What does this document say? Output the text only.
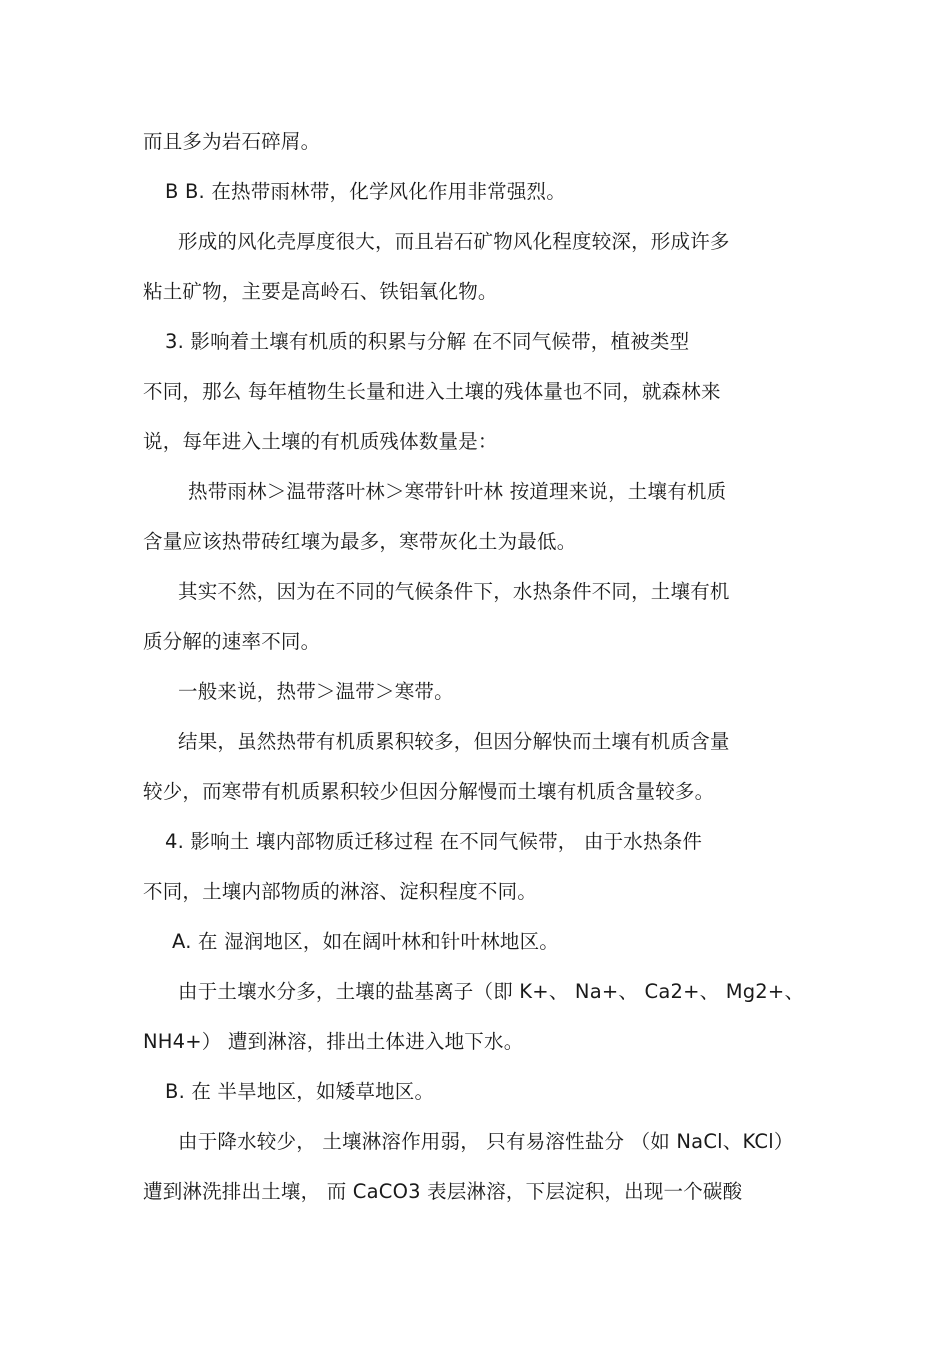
而且多为岩石碎屑。
B B. 在热带雨林带，化学风化作用非常强烈。
形成的风化壳厚度很大，而且岩石矿物风化程度较深，形成许多
粘土矿物，主要是高岭石、铁铝氧化物。
3. 影响着土壤有机质的积累与分解 在不同气候带，植被类型
不同，那么 每年植物生长量和进入土壤的残体量也不同，就森林来
说，每年进入土壤的有机质残体数量是：
热带雨林＞温带落叶林＞寒带针叶林 按道理来说，土壤有机质
含量应该热带砖红壤为最多，寒带灰化土为最低。
其实不然，因为在不同的气候条件下，水热条件不同，土壤有机
质分解的速率不同。
一般来说，热带＞温带＞寒带。
结果，虽然热带有机质累积较多，但因分解快而土壤有机质含量
较少，而寒带有机质累积较少但因分解慢而土壤有机质含量较多。
4. 影响土 壤内部物质迁移过程 在不同气候带， 由于水热条件
不同，土壤内部物质的淋溶、淀积程度不同。
A. 在 湿润地区，如在阔叶林和针叶林地区。
由于土壤水分多，土壤的盐基离子（即 K+、 Na+、 Ca2+、 Mg2+、
NH4+） 遭到淋溶，排出土体进入地下水。
B. 在 半旱地区，如矮草地区。
由于降水较少， 土壤淋溶作用弱， 只有易溶性盐分 （如 NaCl、KCl）
遭到淋洗排出土壤， 而 CaCO3 表层淋溶，下层淀积，出现一个碳酸
